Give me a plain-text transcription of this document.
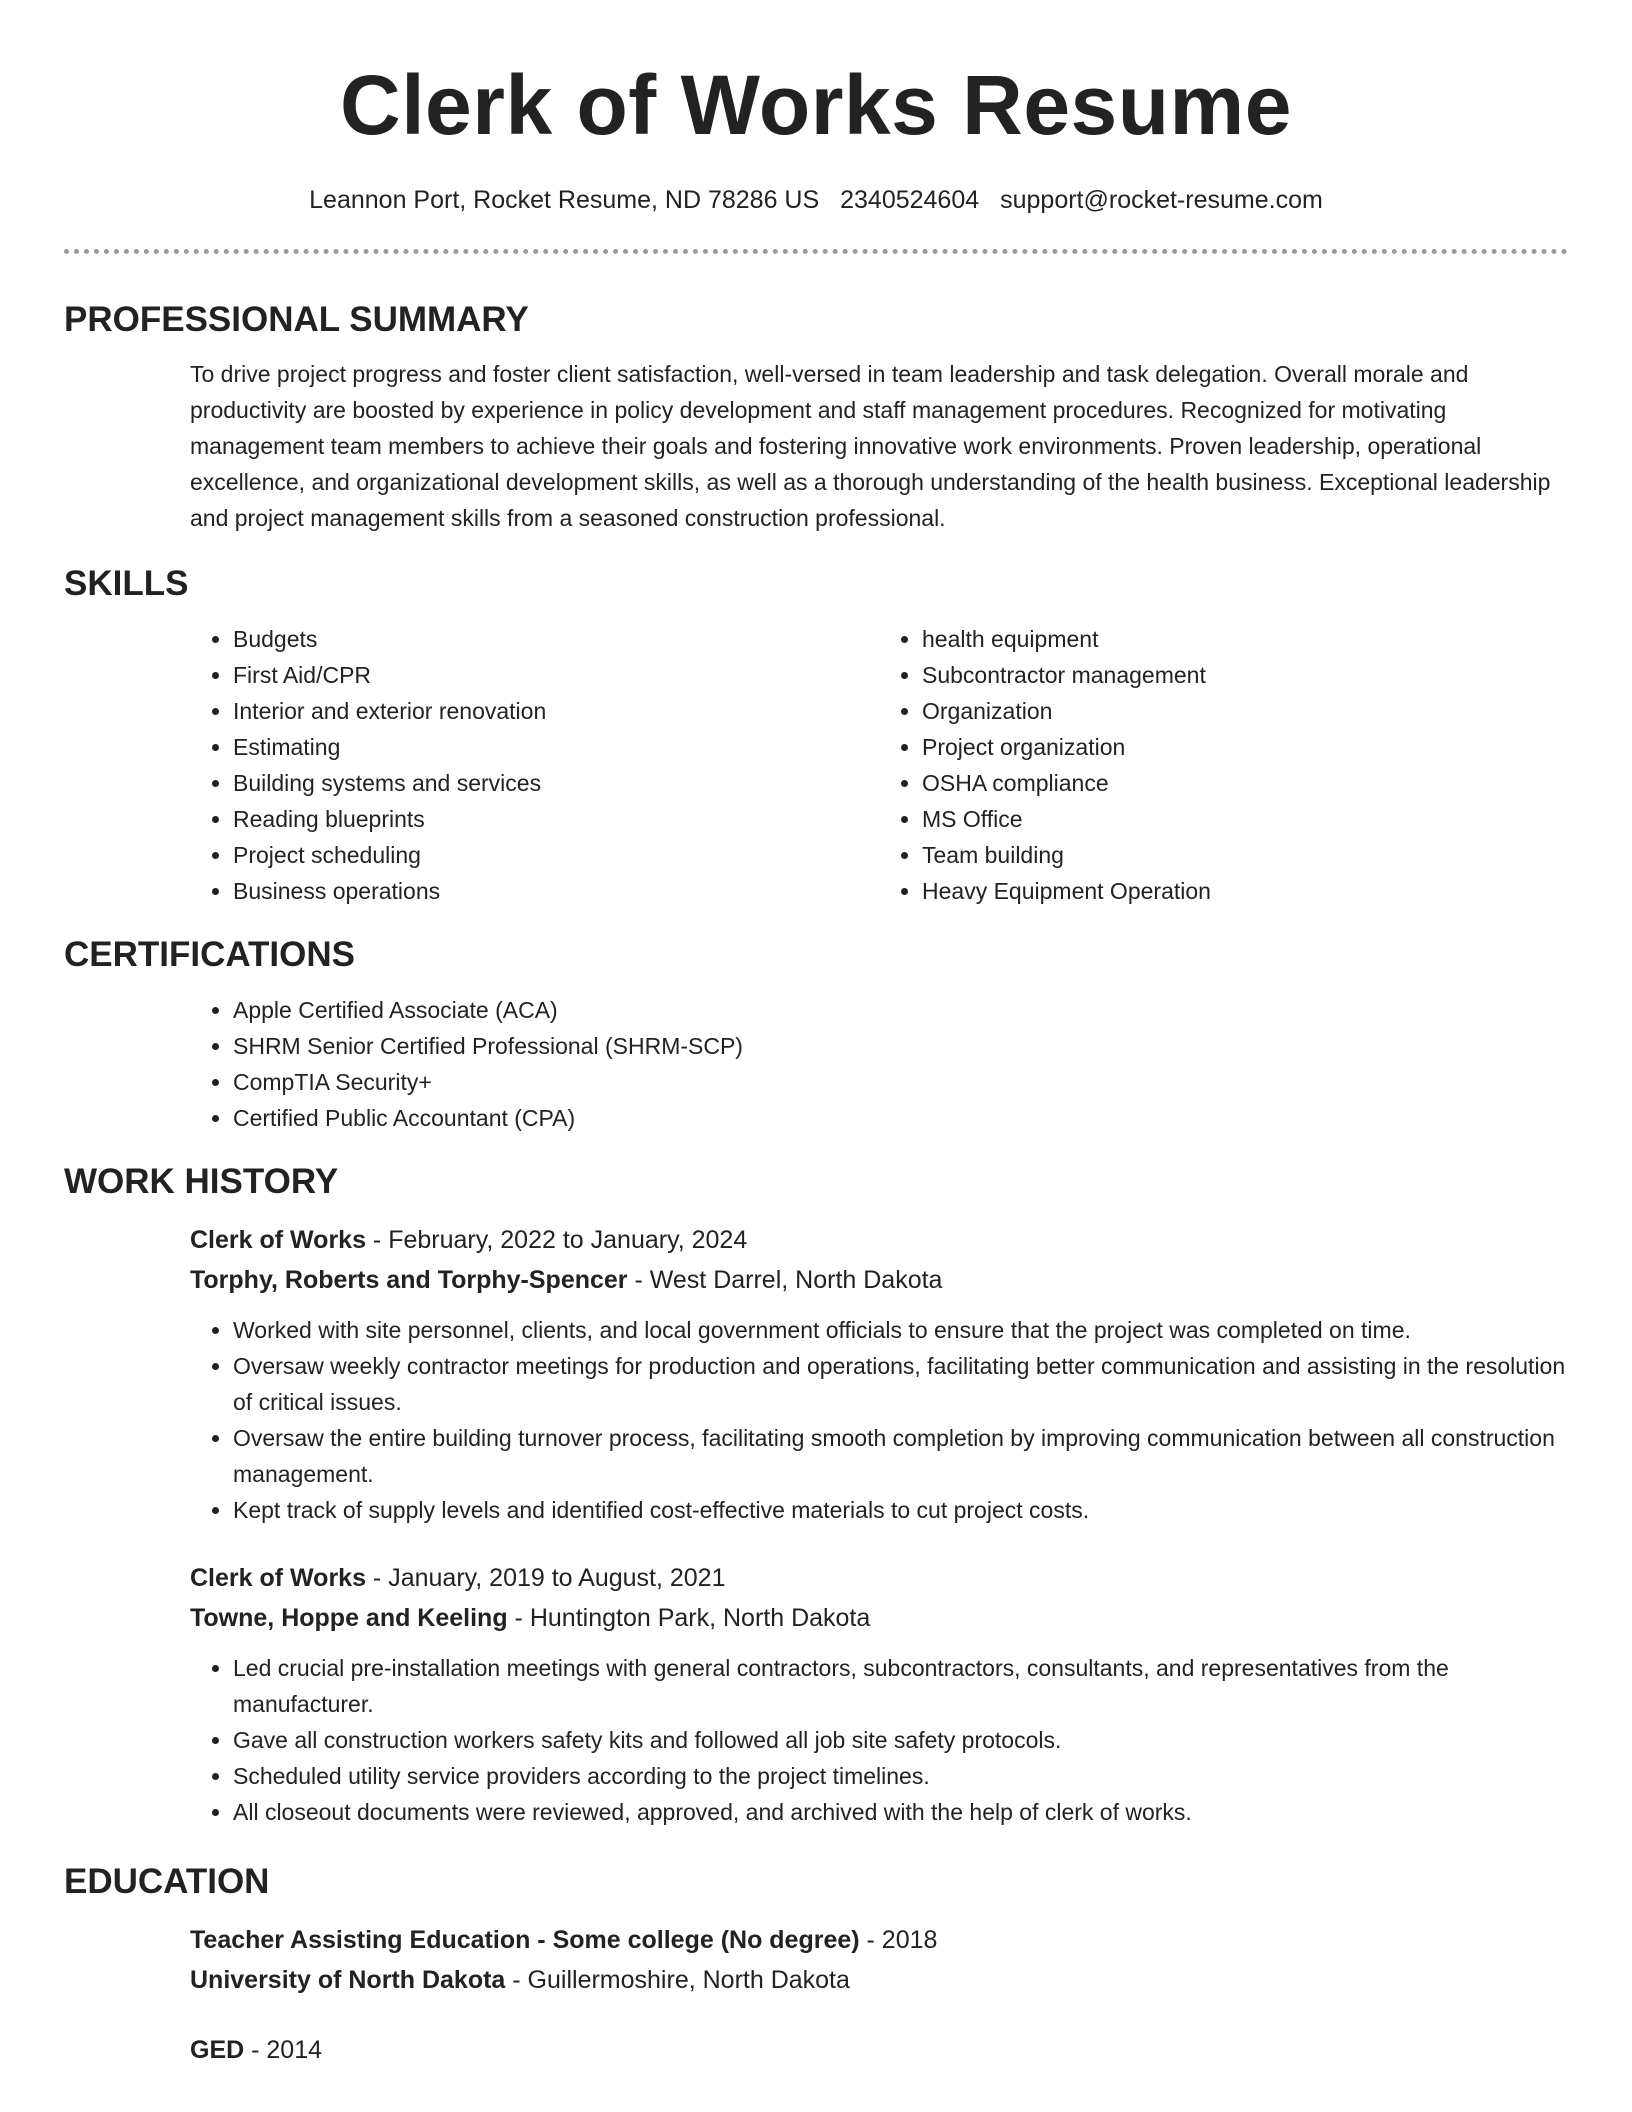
Clerk of Works Resume
Leannon Port, Rocket Resume, ND 78286 US 2340524604 support@rocket-resume.com
PROFESSIONAL SUMMARY

To drive project progress and foster client satisfaction, well-versed in team leadership and task delegation. Overall morale and productivity are boosted by experience in policy development and staff management procedures. Recognized for motivating management team members to achieve their goals and fostering innovative work environments. Proven leadership, operational excellence, and organizational development skills, as well as a thorough understanding of the health business. Exceptional leadership and project management skills from a seasoned construction professional.

SKILLS
• Budgets
• First Aid/CPR
• Interior and exterior renovation
• Estimating
• Building systems and services
• Reading blueprints
• Project scheduling
• Business operations
• health equipment
• Subcontractor management
• Organization
• Project organization
• OSHA compliance
• MS Office
• Team building
• Heavy Equipment Operation
CERTIFICATIONS
• Apple Certified Associate (ACA)
• SHRM Senior Certified Professional (SHRM-SCP)
• CompTIA Security+
• Certified Public Accountant (CPA)
WORK HISTORY
Clerk of Works - February, 2022 to January, 2024
Torphy, Roberts and Torphy-Spencer - West Darrel, North Dakota
• Worked with site personnel, clients, and local government officials to ensure that the project was completed on time.
• Oversaw weekly contractor meetings for production and operations, facilitating better communication and assisting in the resolution of critical issues.
• Oversaw the entire building turnover process, facilitating smooth completion by improving communication between all construction management.
• Kept track of supply levels and identified cost-effective materials to cut project costs.
Clerk of Works - January, 2019 to August, 2021
Towne, Hoppe and Keeling - Huntington Park, North Dakota
• Led crucial pre-installation meetings with general contractors, subcontractors, consultants, and representatives from the manufacturer.
• Gave all construction workers safety kits and followed all job site safety protocols.
• Scheduled utility service providers according to the project timelines.
• All closeout documents were reviewed, approved, and archived with the help of clerk of works.
EDUCATION
Teacher Assisting Education - Some college (No degree) - 2018
University of North Dakota - Guillermoshire, North Dakota
GED - 2014
